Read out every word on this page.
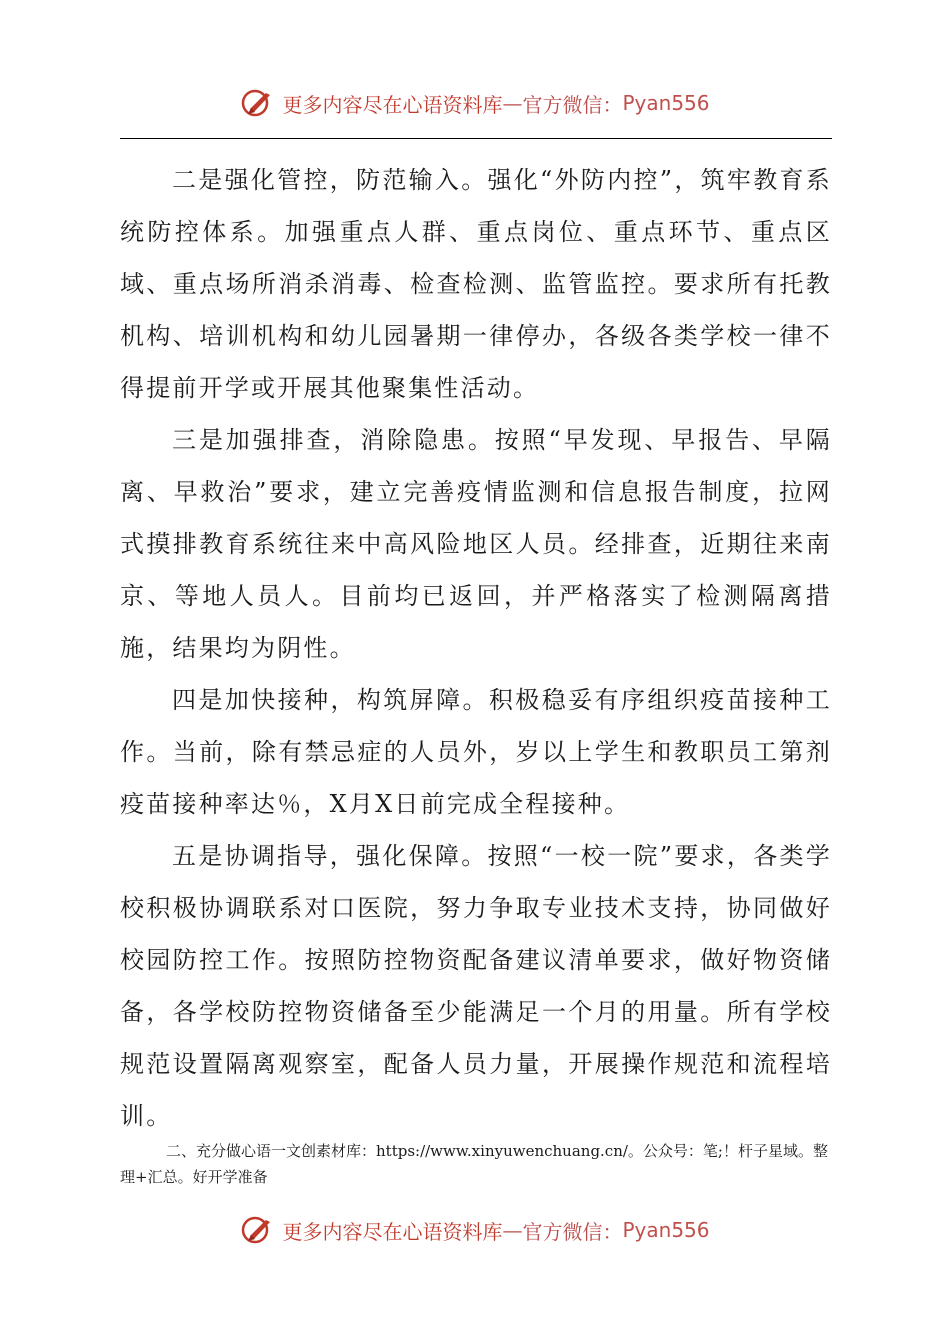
更多内容尽在心语资料库 — 官方微信： Pyan556

二是强化管控，防范输入。强化“外防内控”，筑牢教育系统防控体系。加强重点人群、重点岗位、重点环节、重点区域、重点场所消杀消毒、检查检测、监管监控。要求所有托教机构、培训机构和幼儿园暑期一律停办，各级各类学校一律不得提前开学或开展其他聚集性活动。

三是加强排查，消除隐患。按照“早发现、早报告、早隔离、早救治”要求，建立完善疫情监测和信息报告制度，拉网式摸排教育系统往来中高风险地区人员。经排查，近期往来南京、等地人员人。目前均已返回，并严格落实了检测隔离措施，结果均为阴性。

四是加快接种，构筑屏障。积极稳妥有序组织疫苗接种工作。当前，除有禁忌症的人员外，岁以上学生和教职员工第剂疫苗接种率达％，X月X日前完成全程接种。

五是协调指导，强化保障。按照“一校一院”要求，各类学校积极协调联系对口医院，努力争取专业技术支持，协同做好校园防控工作。按照防控物资配备建议清单要求，做好物资储备，各学校防控物资储备至少能满足一个月的用量。所有学校规范设置隔离观察室，配备人员力量，开展操作规范和流程培训。

二、充分做心语一文创素材库：https://www.xinyuwenchuang.cn/。公众号：笔;！杆子星域。整理+汇总。好开学准备

更多内容尽在心语资料库 — 官方微信： Pyan556
